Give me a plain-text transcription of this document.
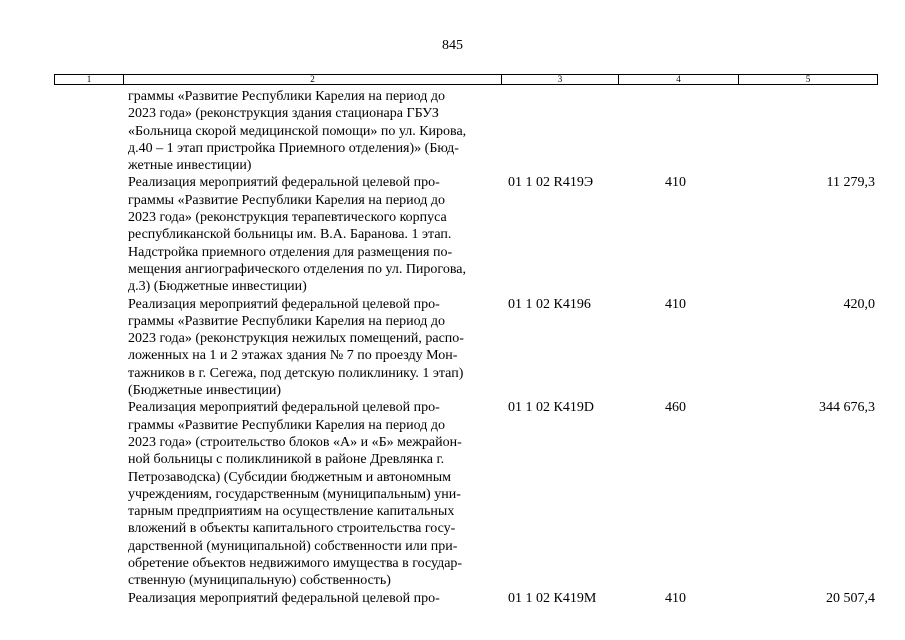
845
1	2	3	4	5
граммы «Развитие Республики Карелия на период до
2023 года» (реконструкция здания стационара ГБУЗ
«Больница скорой медицинской помощи» по ул. Кирова,
д.40 – 1 этап пристройка Приемного отделения)» (Бюд-
жетные инвестиции)
Реализация мероприятий федеральной целевой про-
граммы «Развитие Республики Карелия на период до
2023 года» (реконструкция терапевтического корпуса
республиканской больницы им. В.А. Баранова. 1 этап.
Надстройка приемного отделения для размещения по-
мещения ангиографического отделения по ул. Пирогова,
д.3) (Бюджетные инвестиции)
01 1 02 R419Э	410	11 279,3
Реализация мероприятий федеральной целевой про-
граммы «Развитие Республики Карелия на период до
2023 года» (реконструкция нежилых помещений, распо-
ложенных на 1 и 2 этажах здания № 7 по проезду Мон-
тажников в г. Сегежа, под детскую поликлинику. 1 этап)
(Бюджетные инвестиции)
01 1 02 К4196	410	420,0
Реализация мероприятий федеральной целевой про-
граммы «Развитие Республики Карелия на период до
2023 года» (строительство блоков «А» и «Б» межрайон-
ной больницы с поликлиникой в районе Древлянка г.
Петрозаводска) (Субсидии бюджетным и автономным
учреждениям, государственным (муниципальным) уни-
тарным предприятиям на осуществление капитальных
вложений в объекты капитального строительства госу-
дарственной (муниципальной) собственности или при-
обретение объектов недвижимого имущества в государ-
ственную (муниципальную) собственность)
01 1 02 К419D	460	344 676,3
Реализация мероприятий федеральной целевой про-	01 1 02 К419М	410	20 507,4
